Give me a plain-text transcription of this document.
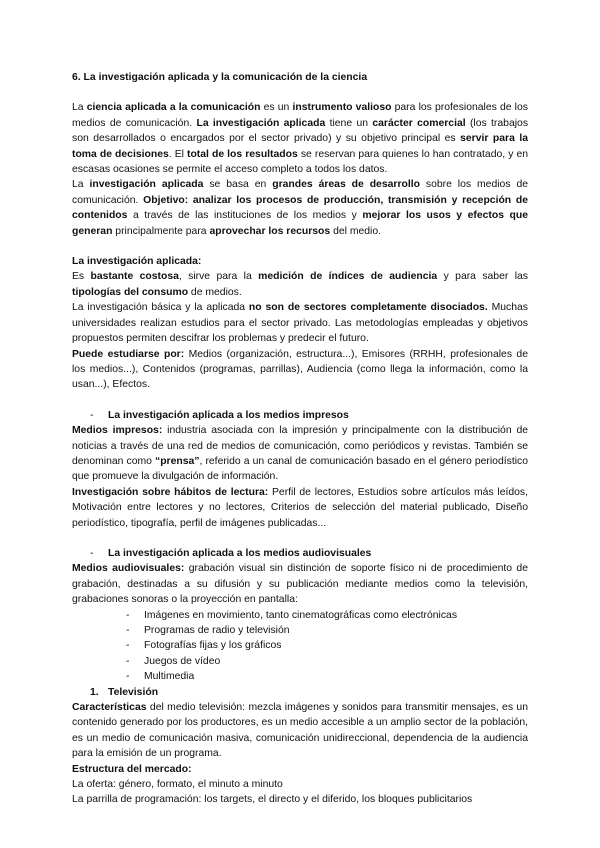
6. La investigación aplicada y la comunicación de la ciencia

La ciencia aplicada a la comunicación es un instrumento valioso para los profesionales de los medios de comunicación. La investigación aplicada tiene un carácter comercial (los trabajos son desarrollados o encargados por el sector privado) y su objetivo principal es servir para la toma de decisiones. El total de los resultados se reservan para quienes lo han contratado, y en escasas ocasiones se permite el acceso completo a todos los datos.

La investigación aplicada se basa en grandes áreas de desarrollo sobre los medios de comunicación. Objetivo: analizar los procesos de producción, transmisión y recepción de contenidos a través de las instituciones de los medios y mejorar los usos y efectos que generan principalmente para aprovechar los recursos del medio.

La investigación aplicada:

Es bastante costosa, sirve para la medición de índices de audiencia y para saber las tipologías del consumo de medios.

La investigación básica y la aplicada no son de sectores completamente disociados. Muchas universidades realizan estudios para el sector privado. Las metodologías empleadas y objetivos propuestos permiten descifrar los problemas y predecir el futuro.

Puede estudiarse por: Medios (organización, estructura...), Emisores (RRHH, profesionales de los medios...), Contenidos (programas, parrillas), Audiencia (como llega la información, como la usan...), Efectos.

- La investigación aplicada a los medios impresos

Medios impresos: industria asociada con la impresión y principalmente con la distribución de noticias a través de una red de medios de comunicación, como periódicos y revistas. También se denominan como “prensa”, referido a un canal de comunicación basado en el género periodístico que promueve la divulgación de información.

Investigación sobre hábitos de lectura: Perfil de lectores, Estudios sobre artículos más leídos, Motivación entre lectores y no lectores, Criterios de selección del material publicado, Diseño periodístico, tipografía, perfil de imágenes publicadas...

- La investigación aplicada a los medios audiovisuales

Medios audiovisuales: grabación visual sin distinción de soporte físico ni de procedimiento de grabación, destinadas a su difusión y su publicación mediante medios como la televisión, grabaciones sonoras o la proyección en pantalla:

- Imágenes en movimiento, tanto cinematográficas como electrónicas
- Programas de radio y televisión
- Fotografías fijas y los gráficos
- Juegos de vídeo
- Multimedia

1. Televisión

Características del medio televisión: mezcla imágenes y sonidos para transmitir mensajes, es un contenido generado por los productores, es un medio accesible a un amplio sector de la población, es un medio de comunicación masiva, comunicación unidireccional, dependencia de la audiencia para la emisión de un programa.

Estructura del mercado:

La oferta: género, formato, el minuto a minuto

La parrilla de programación: los targets, el directo y el diferido, los bloques publicitarios
